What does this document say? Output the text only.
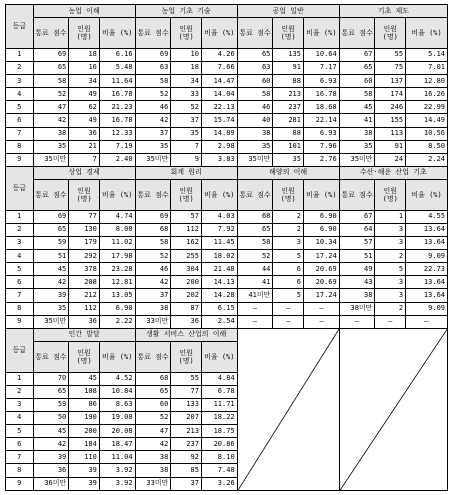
등급	농업 이해			농업 기초 기술			공업 일반			기초 제도		
	통료 점수	인원 (명)	비율 (%)	통료 점수	인원 (명)	비율 (%)	통료 점수	인원 (명)	비율 (%)	통료 점수	인원 (명)	비율 (%)
1	69	18	6.16	69	10	4.26	65	135	10.64	67	55	5.14
2	65	16	5.48	63	18	7.66	63	91	7.17	65	75	7.01
3	58	34	11.64	58	34	14.47	60	88	6.93	60	137	12.80
4	52	49	16.78	52	33	14.04	58	213	16.78	58	174	16.26
5	47	62	21.23	46	52	22.13	46	237	18.68	45	246	22.99
6	42	49	16.78	42	37	15.74	40	281	22.14	41	155	14.49
7	38	36	12.33	37	35	14.89	38	88	6.93	38	113	10.56
8	35	21	7.19	35	7	2.98	35	101	7.96	35	91	8.50
9	35미만	7	2.40	35미만	9	3.83	35미만	35	2.76	35미만	24	2.24
등급	상업 경제			회계 원리			해양의 이해			수산·해운 산업 기초		
	통료 점수	인원 (명)	비율 (%)	통료 점수	인원 (명)	비율 (%)	통료 점수	인원 (명)	비율 (%)	통료 점수	인원 (명)	비율 (%)
1	69	77	4.74	69	57	4.03	68	2	6.90	67	1	4.55
2	65	130	8.00	68	112	7.92	65	2	6.90	64	3	13.64
3	59	179	11.02	58	162	11.45	58	3	10.34	57	3	13.64
4	51	292	17.98	52	255	18.02	52	5	17.24	51	2	9.09
5	45	378	23.28	46	304	21.48	44	6	20.69	49	5	22.73
6	42	208	12.81	42	200	14.13	41	6	20.69	43	3	13.64
7	39	212	13.05	37	202	14.28	41미만	5	17.24	38	3	13.64
8	35	112	6.90	38	87	6.15	–	–	–	38미만	2	9.09
9	35미만	36	2.22	33미만	36	2.54	–	–	–	–	–	–
등급	인간 발달			생활 서비스 산업의 이해	

	통료 점수	인원 (명)	비율 (%)	통료 점수	인원 (명)	비율 (%)						
1	70	45	4.52	68	55	4.84						
2	65	108	10.84	65	77	6.78						
3	59	86	8.63	60	133	11.71						
4	50	190	19.08	52	207	18.22						
5	45	200	20.08	47	213	18.75						
6	42	184	18.47	42	237	20.86						
7	39	110	11.04	38	92	8.10						
8	36	39	3.92	38	85	7.48						
9	36미만	39	3.92	33미만	37	3.26						
